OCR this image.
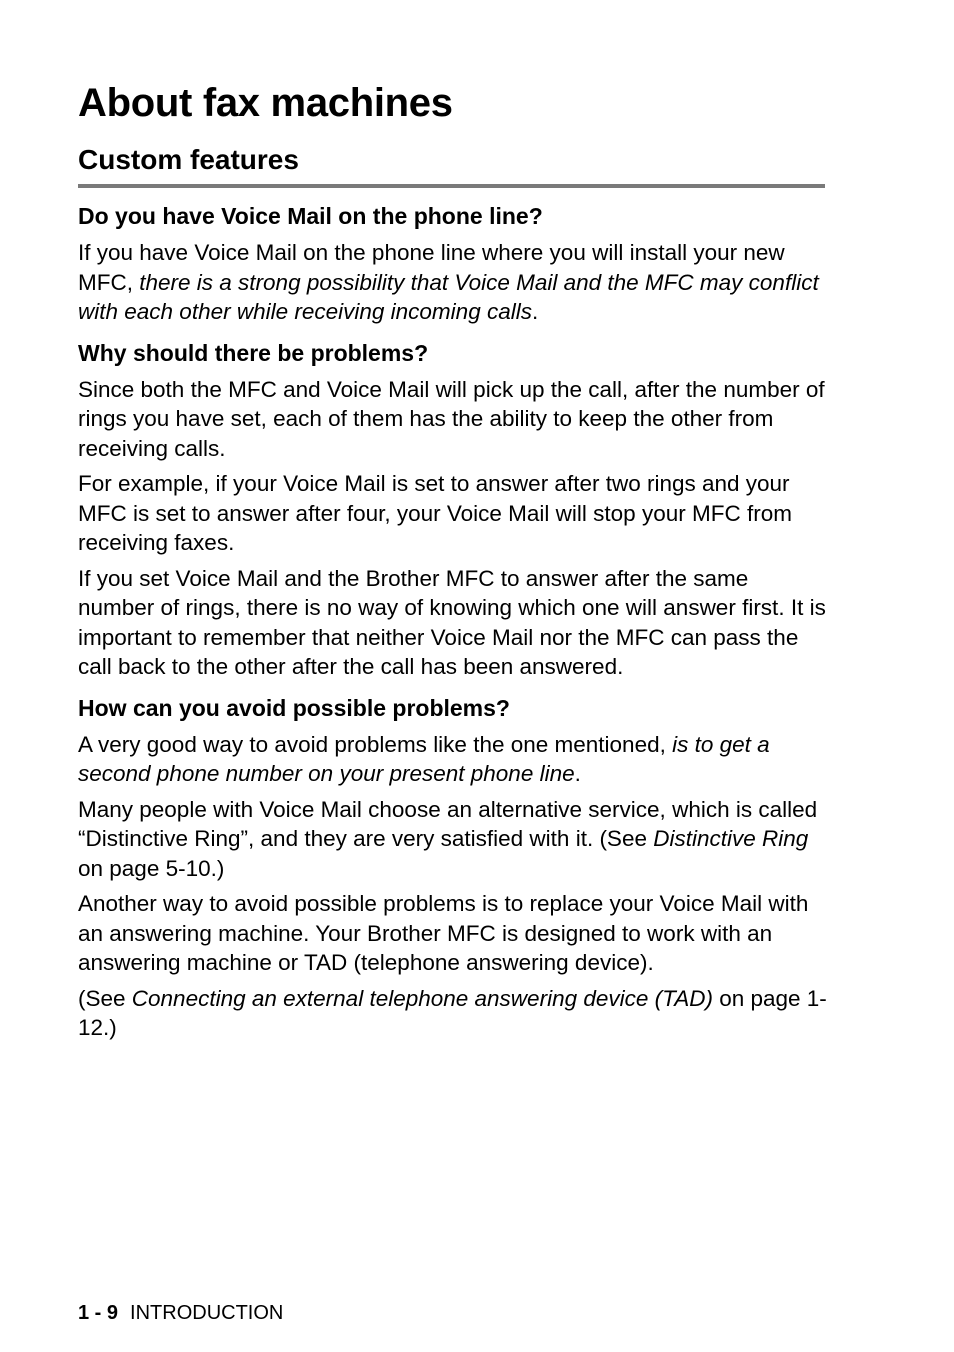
About fax machines
Custom features
Do you have Voice Mail on the phone line?

If you have Voice Mail on the phone line where you will install your new MFC, there is a strong possibility that Voice Mail and the MFC may conflict with each other while receiving incoming calls.

Why should there be problems?

Since both the MFC and Voice Mail will pick up the call, after the number of rings you have set, each of them has the ability to keep the other from receiving calls.

For example, if your Voice Mail is set to answer after two rings and your MFC is set to answer after four, your Voice Mail will stop your MFC from receiving faxes.

If you set Voice Mail and the Brother MFC to answer after the same number of rings, there is no way of knowing which one will answer first. It is important to remember that neither Voice Mail nor the MFC can pass the call back to the other after the call has been answered.

How can you avoid possible problems?

A very good way to avoid problems like the one mentioned, is to get a second phone number on your present phone line.

Many people with Voice Mail choose an alternative service, which is called “Distinctive Ring”, and they are very satisfied with it. (See Distinctive Ring on page 5-10.)

Another way to avoid possible problems is to replace your Voice Mail with an answering machine. Your Brother MFC is designed to work with an answering machine or TAD (telephone answering device).

(See Connecting an external telephone answering device (TAD) on page 1-12.)

1 - 9 INTRODUCTION
